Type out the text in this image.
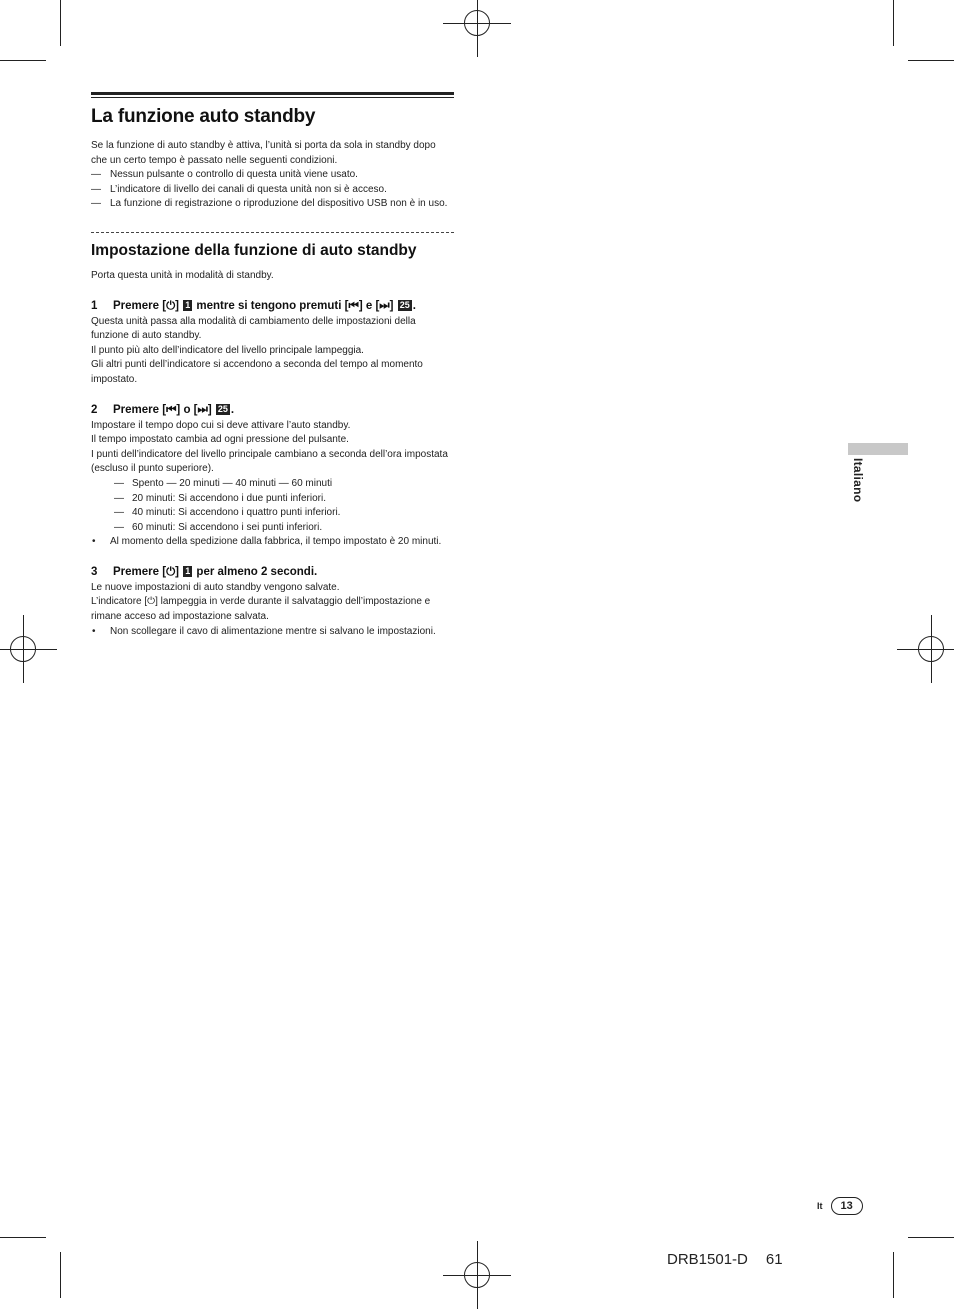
La funzione auto standby

Se la funzione di auto standby è attiva, l’unità si porta da sola in standby dopo che un certo tempo è passato nelle seguenti condizioni.

— Nessun pulsante o controllo di questa unità viene usato.
— L’indicatore di livello dei canali di questa unità non si è acceso.
— La funzione di registrazione o riproduzione del dispositivo USB non è in uso.
Impostazione della funzione di auto standby

Porta questa unità in modalità di standby.

1 Premere [⏻] 1 mentre si tengono premuti [⏮] e [⏭] 25 .

Questa unità passa alla modalità di cambiamento delle impostazioni della funzione di auto standby.

Il punto più alto dell’indicatore del livello principale lampeggia.

Gli altri punti dell’indicatore si accendono a seconda del tempo al momento impostato.

2 Premere [⏮] o [⏭] 25 .

Impostare il tempo dopo cui si deve attivare l’auto standby.

Il tempo impostato cambia ad ogni pressione del pulsante.

I punti dell’indicatore del livello principale cambiano a seconda dell’ora impostata (escluso il punto superiore).

— Spento — 20 minuti — 40 minuti — 60 minuti
— 20 minuti: Si accendono i due punti inferiori.
— 40 minuti: Si accendono i quattro punti inferiori.
— 60 minuti: Si accendono i sei punti inferiori.
• Al momento della spedizione dalla fabbrica, il tempo impostato è 20 minuti.
3 Premere [⏻] 1 per almeno 2 secondi.

Le nuove impostazioni di auto standby vengono salvate.

L’indicatore [⏻] lampeggia in verde durante il salvataggio dell’impostazione e rimane acceso ad impostazione salvata.

• Non scollegare il cavo di alimentazione mentre si salvano le impostazioni.
Italiano
It	13
DRB1501-D 61
